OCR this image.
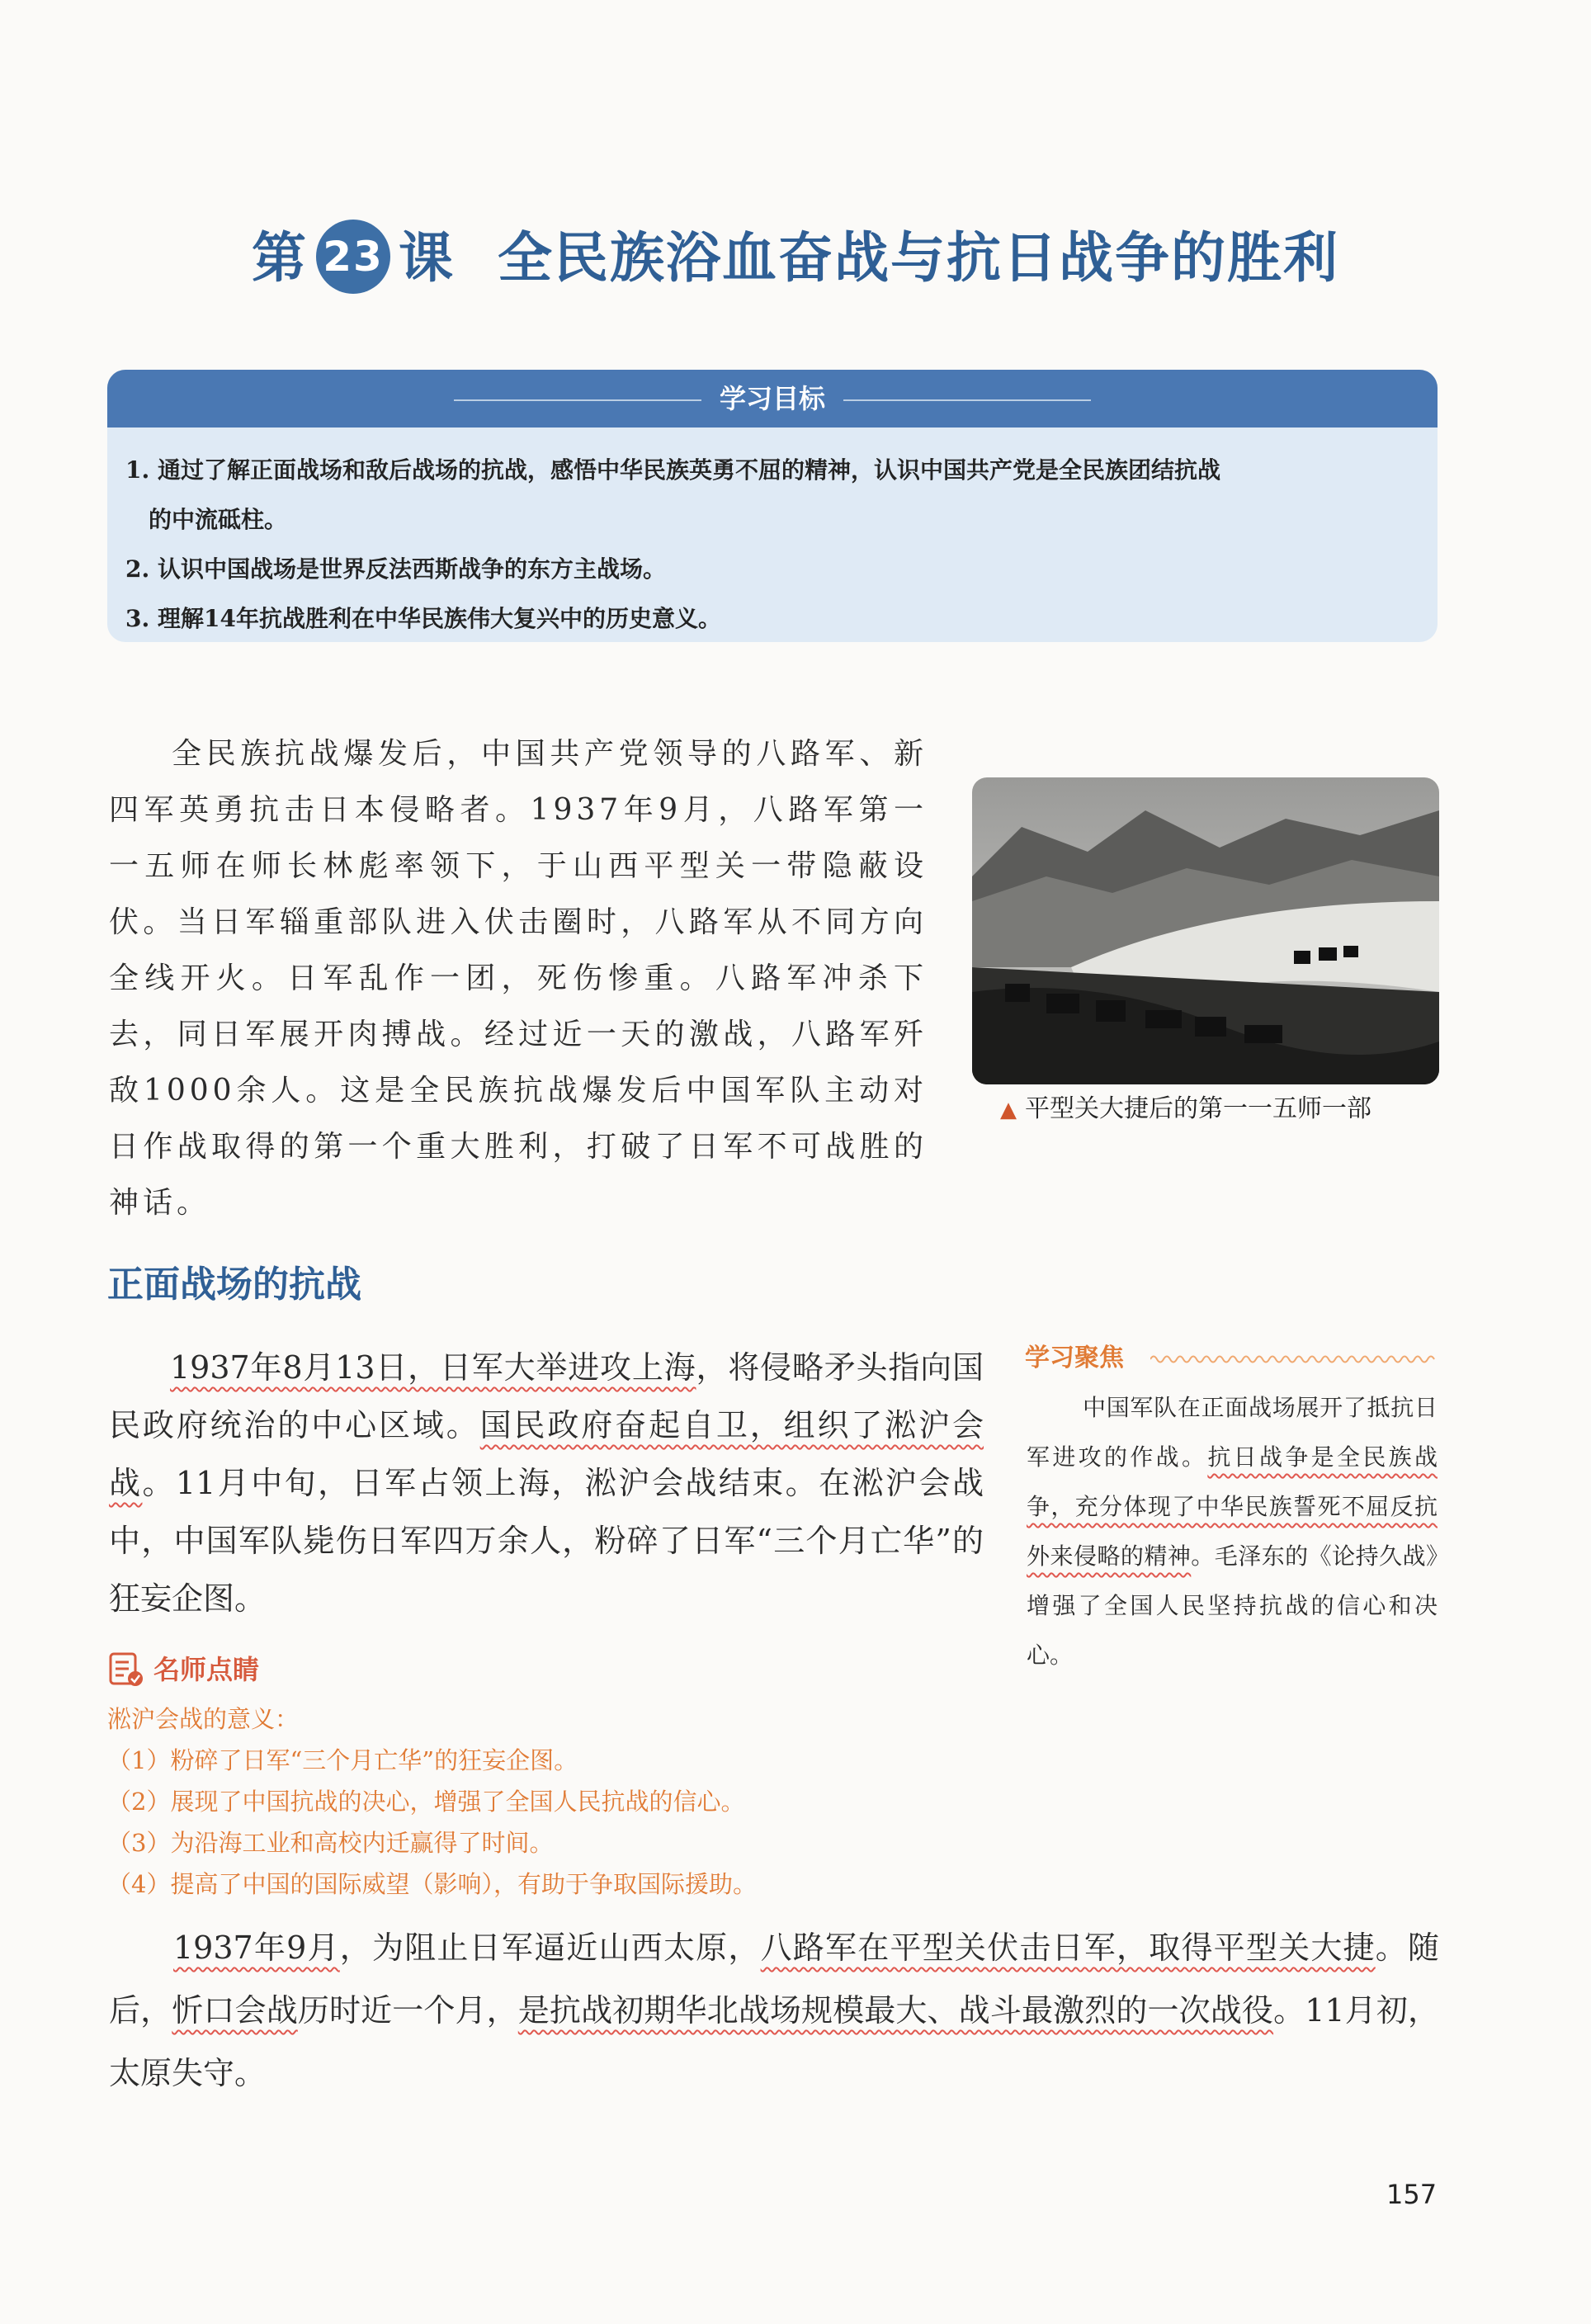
第 23 课 全民族浴血奋战与抗日战争的胜利
学习目标
1. 通过了解正面战场和敌后战场的抗战，感悟中华民族英勇不屈的精神，认识中国共产党是全民族团结抗战
的中流砥柱。
2. 认识中国战场是世界反法西斯战争的东方主战场。
3. 理解14年抗战胜利在中华民族伟大复兴中的历史意义。
全民族抗战爆发后，中国共产党领导的八路军、新四军英勇抗击日本侵略者。1937年9月，八路军第一一五师在师长林彪率领下，于山西平型关一带隐蔽设伏。当日军辎重部队进入伏击圈时，八路军从不同方向全线开火。日军乱作一团，死伤惨重。八路军冲杀下去，同日军展开肉搏战。经过近一天的激战，八路军歼敌1000余人。这是全民族抗战爆发后中国军队主动对日作战取得的第一个重大胜利，打破了日军不可战胜的神话。
▲ 平型关大捷后的第一一五师一部
正面战场的抗战
1937年8月13日，日军大举进攻上海，将侵略矛头指向国民政府统治的中心区域。国民政府奋起自卫，组织了淞沪会战。11月中旬，日军占领上海，淞沪会战结束。在淞沪会战中，中国军队毙伤日军四万余人，粉碎了日军“三个月亡华”的狂妄企图。
学习聚焦
中国军队在正面战场展开了抵抗日军进攻的作战。抗日战争是全民族战争，充分体现了中华民族誓死不屈反抗外来侵略的精神。毛泽东的《论持久战》增强了全国人民坚持抗战的信心和决心。
名师点睛
淞沪会战的意义：
（1）粉碎了日军“三个月亡华”的狂妄企图。
（2）展现了中国抗战的决心，增强了全国人民抗战的信心。
（3）为沿海工业和高校内迁赢得了时间。
（4）提高了中国的国际威望（影响），有助于争取国际援助。
1937年9月，为阻止日军逼近山西太原，八路军在平型关伏击日军，取得平型关大捷。随后，忻口会战历时近一个月，是抗战初期华北战场规模最大、战斗最激烈的一次战役。11月初，太原失守。
157
